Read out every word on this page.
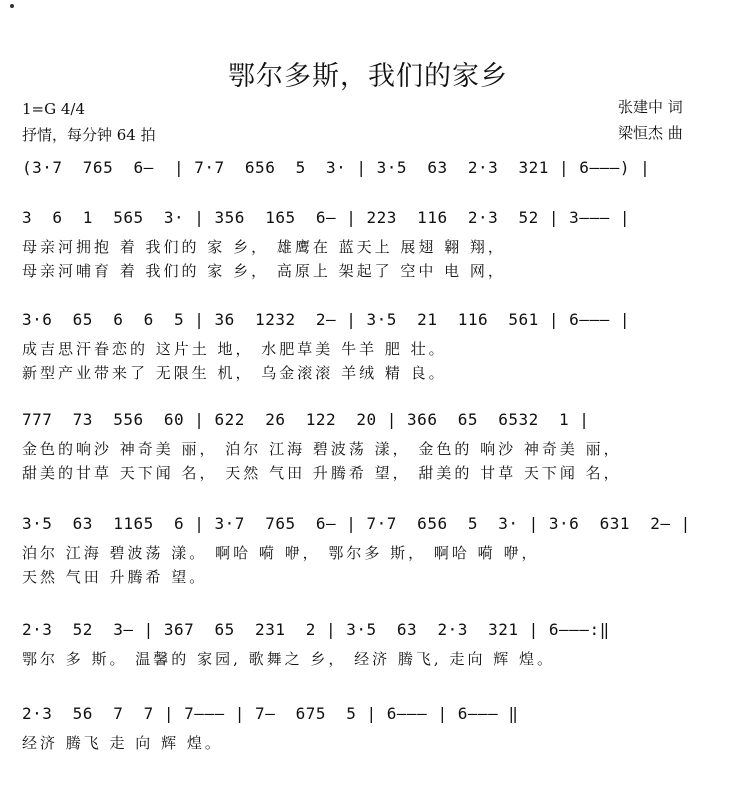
鄂尔多斯，我们的家乡
1=G 4/4
抒情，每分钟 64 拍
张建中 词
梁恒杰 曲
(3·7  765  6—  | 7·7  656  5  3· | 3·5  63  2·3  321 | 6———) |
3  6  1  565  3· | 356  165  6— | 223  116  2·3  52 | 3——— |
母亲河拥抱 着 我们的 家 乡， 雄鹰在 蓝天上 展翅 翱 翔，
母亲河哺育 着 我们的 家 乡， 高原上 架起了 空中 电 网，
3·6  65  6  6  5 | 36  1232  2— | 3·5  21  116  561 | 6——— |
成吉思汗眷恋的 这片土 地， 水肥草美 牛羊 肥 壮。
新型产业带来了 无限生 机， 乌金滚滚 羊绒 精 良。
777  73  556  60 | 622  26  122  20 | 366  65  6532  1 |
金色的响沙 神奇美 丽， 泊尔 江海 碧波荡 漾， 金色的 响沙 神奇美 丽，
甜美的甘草 天下闻 名， 天然 气田 升腾希 望， 甜美的 甘草 天下闻 名，
3·5  63  1165  6 | 3·7  765  6— | 7·7  656  5  3· | 3·6  631  2— |
泊尔 江海 碧波荡 漾。 啊哈 嗬 咿， 鄂尔多 斯， 啊哈 嗬 咿，
天然 气田 升腾希 望。
2·3  52  3— | 367  65  231  2 | 3·5  63  2·3  321 | 6———:‖
鄂尔 多 斯。 温馨的 家园, 歌舞之 乡， 经济 腾飞, 走向 辉 煌。
2·3  56  7  7 | 7——— | 7—  675  5 | 6——— | 6——— ‖
经济 腾飞 走 向 辉 煌。
